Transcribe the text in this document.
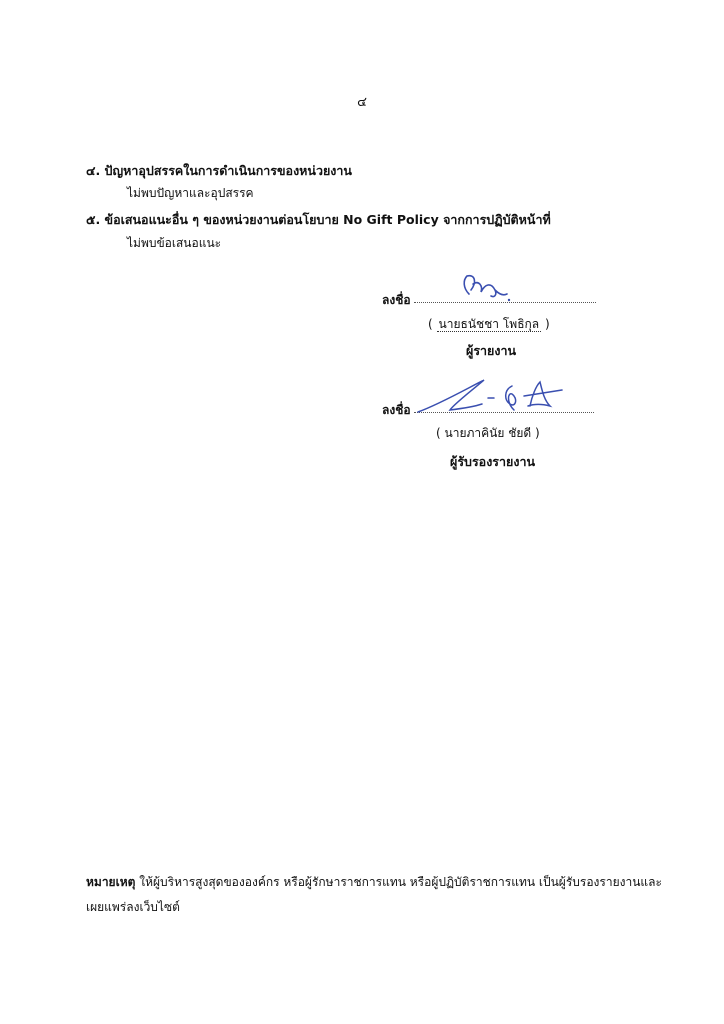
๔
๔. ปัญหาอุปสรรคในการดำเนินการของหน่วยงาน
ไม่พบปัญหาและอุปสรรค
๕. ข้อเสนอแนะอื่น ๆ ของหน่วยงานต่อนโยบาย No Gift Policy จากการปฏิบัติหน้าที่
ไม่พบข้อเสนอแนะ
ลงชื่อ
( นายธนัชชา โพธิกุล )
ผู้รายงาน
ลงชื่อ
( นายภาคินัย ชัยดี )
ผู้รับรองรายงาน
หมายเหตุ ให้ผู้บริหารสูงสุดขององค์กร หรือผู้รักษาราชการแทน หรือผู้ปฏิบัติราชการแทน เป็นผู้รับรองรายงานและเผยแพร่ลงเว็บไซต์
